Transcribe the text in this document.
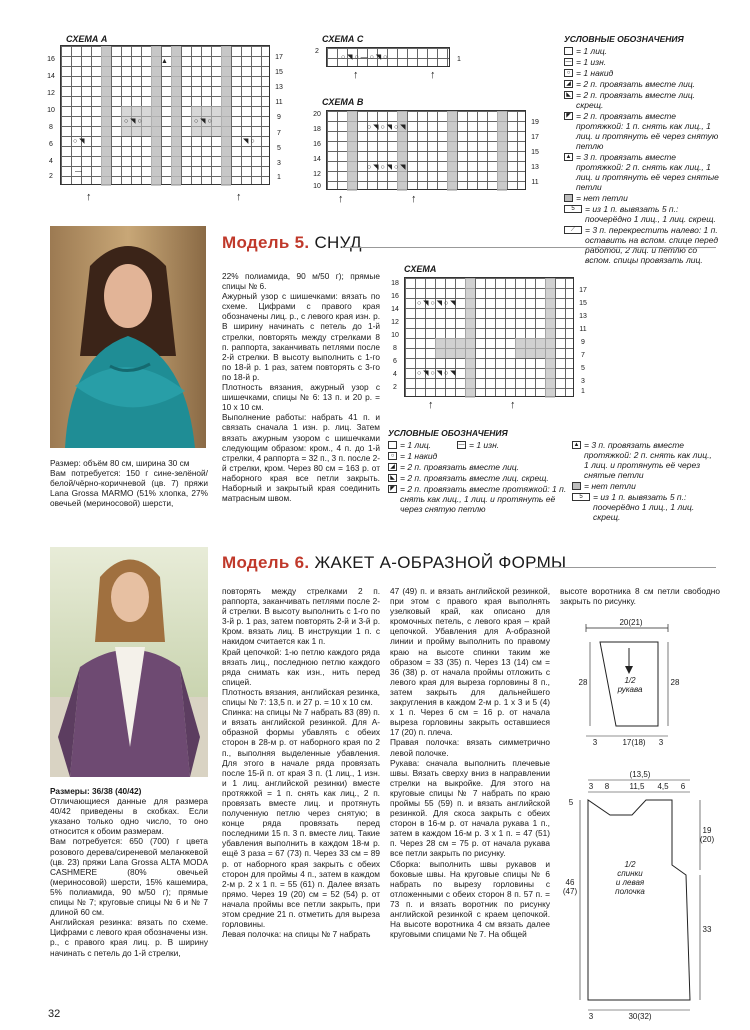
СХЕМА A
○ ◥ ○	○ ◥ ○
○ ◥	◥ ○
▲
—
16
14
12
10
8
6
4
2
17
15
13
11
9
7
5
3
1
↑	↑
СХЕМА C
○ ◥ ○ — ○ ◥ ○
2
1
↑	↑
СХЕМА B
○ ◥ ○ ◥ ○ ◥
○ ◥ ○ ◥ ○ ◥
20
18
16
14
12
10
19
17
15
13
11
↑	↑
УСЛОВНЫЕ ОБОЗНАЧЕНИЯ
= 1 лиц.
— = 1 изн.
○ = 1 накид
◢ = 2 п. провязать вместе лиц.
◣ = 2 п. провязать вместе лиц. скрещ.
◤ = 2 п. провязать вместе протяжкой: 1 п. снять как лиц., 1 лиц. и протянуть её через снятую петлю
▲ = 3 п. провязать вместе протяжкой: 2 п. снять как лиц., 1 лиц. и протянуть её через снятые петли
= нет петли
5	= из 1 п. вывязать 5 п.: поочерёдно 1 лиц., 1 лиц. скрещ.
⟋	= 3 п. перекрестить налево: 1 п. оставить на вспом. спице перед работой, 2 лиц. и петлю со вспом. спицы провязать лиц.
Модель 5. СНУД

Размер: объём 80 см, ширина 30 см

Вам потребуется: 150 г сине-зелёной/белой/чёрно-коричневой (цв. 7) пряжи Lana Grossa MARMO (51% хлопка, 27% овечьей (мериносовой) шерсти,

22% полиамида, 90 м/50 г); прямые спицы № 6.

Ажурный узор с шишечками: вязать по схеме. Цифрами с правого края обозначены лиц. р., с левого края изн. р. В ширину начинать с петель до 1-й стрелки, повторять между стрелками 8 п. раппорта, заканчивать петлями после 2-й стрелки. В высоту выполнить с 1-го по 18-й р. 1 раз, затем повторять с 3-го по 18-й р.

Плотность вязания, ажурный узор с шишечками, спицы № 6: 13 п. и 20 р. = 10 х 10 см.

Выполнение работы: набрать 41 п. и связать сначала 1 изн. р. лиц. Затем вязать ажурным узором с шишечками следующим образом: кром., 4 п. до 1-й стрелки, 4 раппорта = 32 п., 3 п. после 2-й стрелки, кром. Через 80 см = 163 р. от наборного края все петли закрыть. Наборный и закрытый края соединить матрасным швом.

СХЕМА
○ ◥ ○ ◥ ○ ◥
○ ◥ ○ ◥ ○ ◥
18
16
14
12
10
8
6
4
2
17
15
13
11
9
7
5
3
1
↑	↑
УСЛОВНЫЕ ОБОЗНАЧЕНИЯ
= 1 лиц.	— = 1 изн.
○ = 1 накид
◢ = 2 п. провязать вместе лиц.
◣ = 2 п. провязать вместе лиц. скрещ.
◤ = 2 п. провязать вместе протяжкой: 1 п. снять как лиц., 1 лиц. и протянуть её через снятую петлю
▲ = 3 п. провязать вместе протяжкой: 2 п. снять как лиц., 1 лиц. и протянуть её через снятые петли
= нет петли
5	= из 1 п. вывязать 5 п.: поочерёдно 1 лиц., 1 лиц. скрещ.
Модель 6. ЖАКЕТ А-ОБРАЗНОЙ ФОРМЫ

Размеры: 36/38 (40/42)

Отличающиеся данные для размера 40/42 приведены в скобках. Если указано только одно число, то оно относится к обоим размерам.

Вам потребуется: 650 (700) г цвета розового дерева/сиреневой меланжевой (цв. 23) пряжи Lana Grossa ALTA MODA CASHMERE (80% овечьей (мериносовой) шерсти, 15% кашемира, 5% полиамида, 90 м/50 г); прямые спицы № 7; круговые спицы № 6 и № 7 длиной 60 см.

Английская резинка: вязать по схеме. Цифрами с левого края обозначены изн. р., с правого края лиц. р. В ширину начинать с петель до 1-й стрелки,

повторять между стрелками 2 п. раппорта, заканчивать петлями после 2-й стрелки. В высоту выполнить с 1-го по 3-й р. 1 раз, затем повторять 2-й и 3-й р. Кром. вязать лиц. В инструкции 1 п. с накидом считается как 1 п.

Край цепочкой: 1-ю петлю каждого ряда вязать лиц., последнюю петлю каждого ряда снимать как изн., нить перед спицей.

Плотность вязания, английская резинка, спицы № 7: 13,5 п. и 27 р. = 10 х 10 см.

Спинка: на спицы № 7 набрать 83 (89) п. и вязать английской резинкой. Для А-образной формы убавлять с обеих сторон в 28-м р. от наборного края по 2 п., выполняя выделенные убавления. Для этого в начале ряда провязать после 15-й п. от края 3 п. (1 лиц., 1 изн. и 1 лиц. английской резинки) вместе протяжкой = 1 п. снять как лиц., 2 п. провязать вместе лиц. и протянуть полученную петлю через снятую; в конце ряда провязать перед последними 15 п. 3 п. вместе лиц. Такие убавления выполнить в каждом 18-м р. ещё 3 раза = 67 (73) п. Через 33 см = 89 р. от наборного края закрыть с обеих сторон для проймы 4 п., затем в каждом 2-м р. 2 х 1 п. = 55 (61) п. Далее вязать прямо. Через 19 (20) см = 52 (54) р. от начала проймы все петли закрыть, при этом средние 21 п. отметить для выреза горловины.

Левая полочка: на спицы № 7 набрать

47 (49) п. и вязать английской резинкой, при этом с правого края выполнять узелковый край, как описано для кромочных петель, с левого края – край цепочкой. Убавления для А-образной линии и пройму выполнить по правому краю на высоте спинки таким же образом = 33 (35) п. Через 13 (14) см = 36 (38) р. от начала проймы отложить с левого края для выреза горловины 8 п., затем закрыть для дальнейшего закругления в каждом 2-м р. 1 х 3 и 5 (4) х 1 п. Через 6 см = 16 р. от начала выреза горловины закрыть оставшиеся 17 (20) п. плеча.

Правая полочка: вязать симметрично левой полочке.

Рукава: сначала выполнить плечевые швы. Вязать сверху вниз в направлении стрелки на выкройке. Для этого на круговые спицы № 7 набрать по краю проймы 55 (59) п. и вязать английской резинкой. Для скоса закрыть с обеих сторон в 16-м р. от начала рукава 1 п., затем в каждом 16-м р. 3 х 1 п. = 47 (51) п. Через 28 см = 75 р. от начала рукава все петли закрыть по рисунку.

Сборка: выполнить швы рукавов и боковые швы. На круговые спицы № 6 набрать по вырезу горловины с отложенными с обеих сторон 8 п. 57 п. = 73 п. и вязать воротник по рисунку английской резинкой с краем цепочкой. На высоте воротника 4 см вязать далее круговыми спицами № 7. На общей

высоте воротника 8 см петли свободно закрыть по рисунку.

20(21)
28	28
1/2
рукава
3	17(18)	3
(13,5)
3	8	11,5	4,5	6
5
19
(20)
46
(47)
33
1/2
спинки
и левая
полочка
3	30(32)
32
